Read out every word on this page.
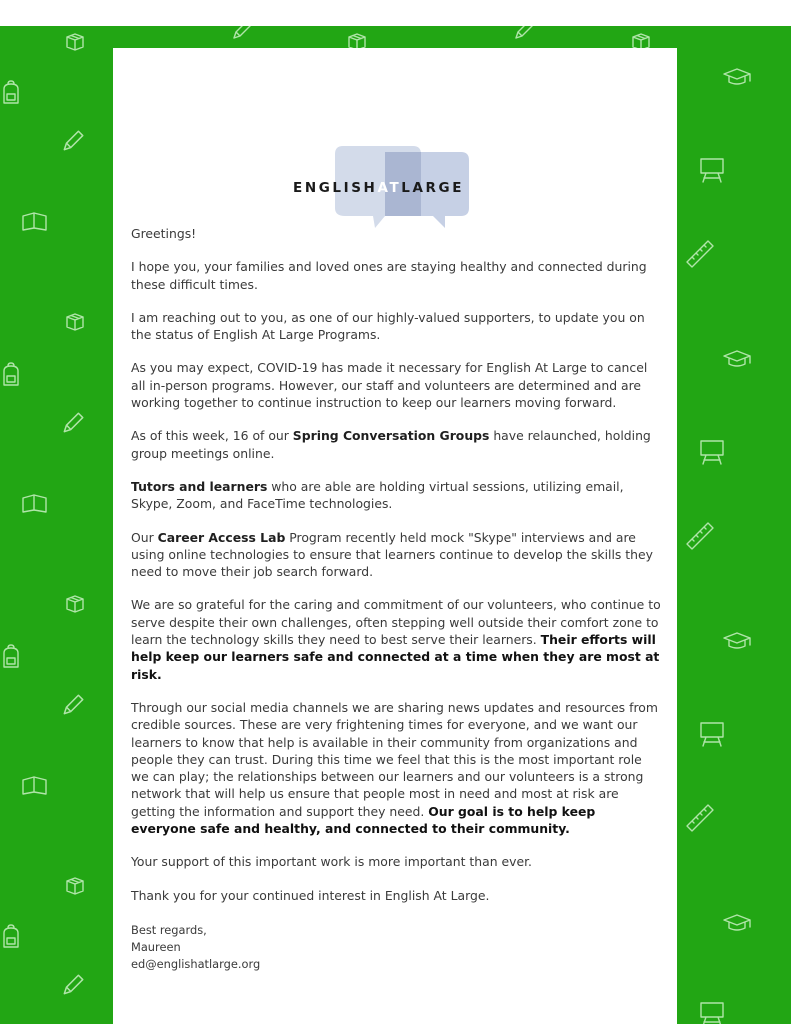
ENGLISHATLARGE

Greetings!

I hope you, your families and loved ones are staying healthy and connected during these difficult times.

I am reaching out to you, as one of our highly-valued supporters, to update you on the status of English At Large Programs.

As you may expect, COVID-19 has made it necessary for English At Large to cancel all in-person programs. However, our staff and volunteers are determined and are working together to continue instruction to keep our learners moving forward.

As of this week, 16 of our Spring Conversation Groups have relaunched, holding group meetings online.

Tutors and learners who are able are holding virtual sessions, utilizing email, Skype, Zoom, and FaceTime technologies.

Our Career Access Lab Program recently held mock "Skype" interviews and are using online technologies to ensure that learners continue to develop the skills they need to move their job search forward.

We are so grateful for the caring and commitment of our volunteers, who continue to serve despite their own challenges, often stepping well outside their comfort zone to learn the technology skills they need to best serve their learners. Their efforts will help keep our learners safe and connected at a time when they are most at risk.

Through our social media channels we are sharing news updates and resources from credible sources. These are very frightening times for everyone, and we want our learners to know that help is available in their community from organizations and people they can trust. During this time we feel that this is the most important role we can play; the relationships between our learners and our volunteers is a strong network that will help us ensure that people most in need and most at risk are getting the information and support they need. Our goal is to help keep everyone safe and healthy, and connected to their community.

Your support of this important work is more important than ever.

Thank you for your continued interest in English At Large.

Best regards,
Maureen
ed@englishatlarge.org
